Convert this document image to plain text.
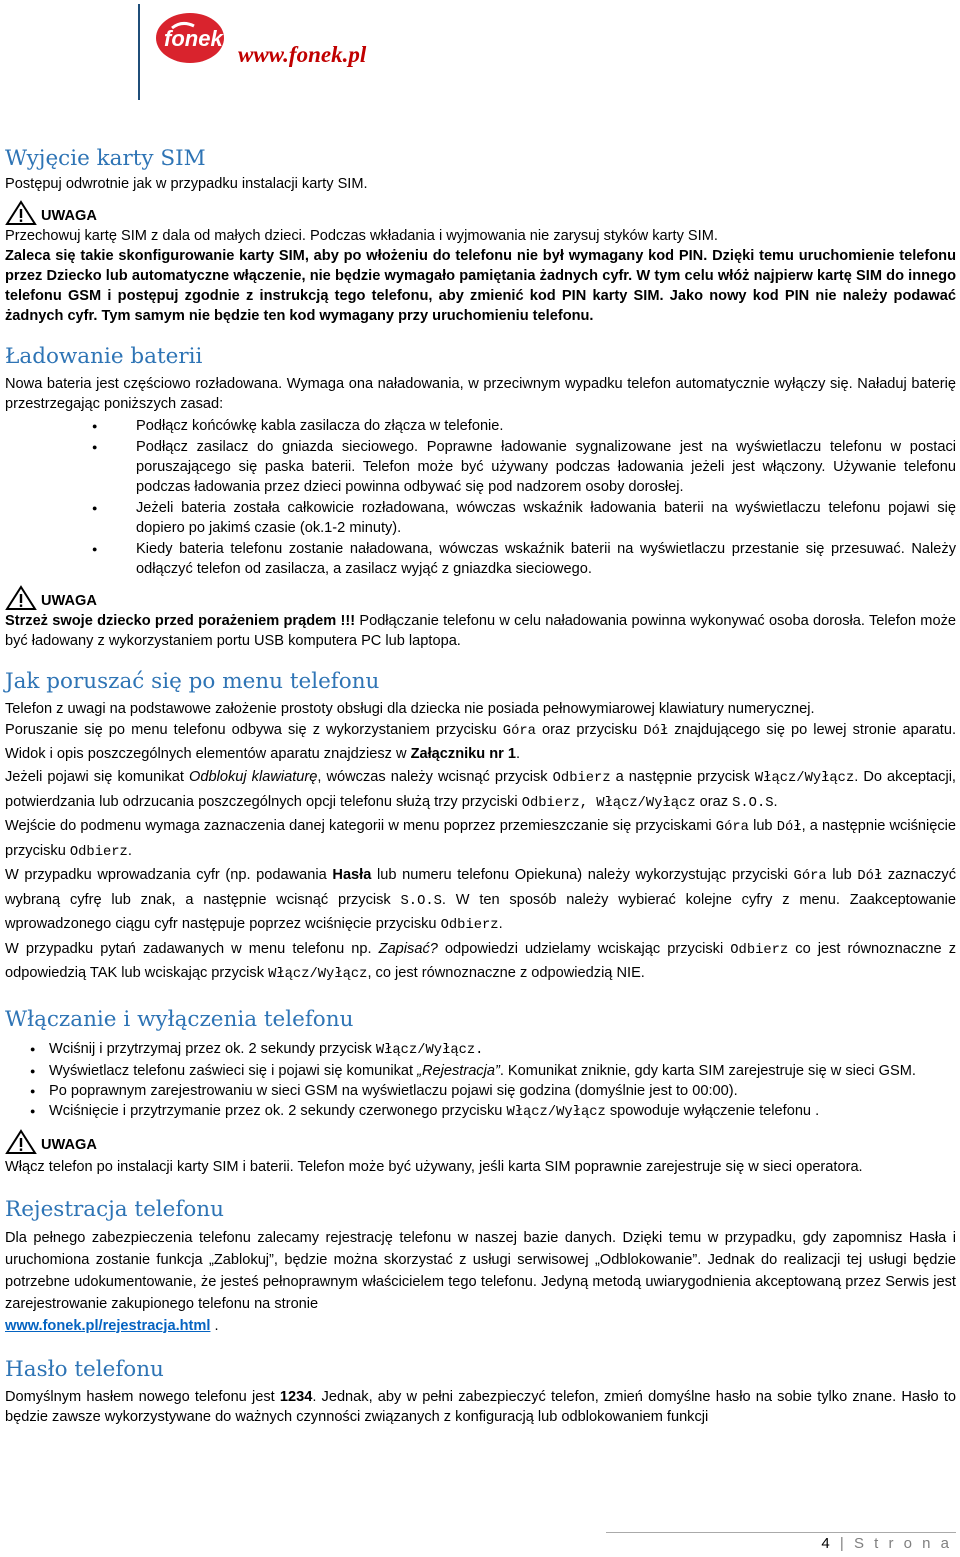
fonek
www.fonek.pl
Wyjęcie karty SIM

Postępuj odwrotnie jak w przypadku instalacji karty SIM.

UWAGA

Przechowuj kartę SIM z dala od małych dzieci. Podczas wkładania i wyjmowania nie zarysuj styków karty SIM.

Zaleca się takie skonfigurowanie karty SIM, aby po włożeniu do telefonu nie był wymagany kod PIN. Dzięki temu uruchomienie telefonu przez Dziecko lub automatyczne włączenie, nie będzie wymagało pamiętania żadnych cyfr. W tym celu włóż najpierw kartę SIM do innego telefonu GSM i postępuj zgodnie z instrukcją tego telefonu, aby zmienić kod PIN karty SIM. Jako nowy kod PIN nie należy podawać żadnych cyfr. Tym samym nie będzie ten kod wymagany przy uruchomieniu telefonu.

Ładowanie baterii

Nowa bateria jest częściowo rozładowana. Wymaga ona naładowania, w przeciwnym wypadku telefon automatycznie wyłączy się. Naładuj baterię przestrzegając poniższych zasad:

● Podłącz końcówkę kabla zasilacza do złącza w telefonie.
● Podłącz zasilacz do gniazda sieciowego. Poprawne ładowanie sygnalizowane jest na wyświetlaczu telefonu w postaci poruszającego się paska baterii. Telefon może być używany podczas ładowania jeżeli jest włączony. Używanie telefonu podczas ładowania przez dzieci powinna odbywać się pod nadzorem osoby dorosłej.
● Jeżeli bateria została całkowicie rozładowana, wówczas wskaźnik ładowania baterii na wyświetlaczu telefonu pojawi się dopiero po jakimś czasie (ok.1-2 minuty).
● Kiedy bateria telefonu zostanie naładowana, wówczas wskaźnik baterii na wyświetlaczu przestanie się przesuwać. Należy odłączyć telefon od zasilacza, a zasilacz wyjąć z gniazdka sieciowego.
UWAGA

Strzeż swoje dziecko przed porażeniem prądem !!! Podłączanie telefonu w celu naładowania powinna wykonywać osoba dorosła. Telefon może być ładowany z wykorzystaniem portu USB komputera PC lub laptopa.

Jak poruszać się po menu telefonu

Telefon z uwagi na podstawowe założenie prostoty obsługi dla dziecka nie posiada pełnowymiarowej klawiatury numerycznej.

Poruszanie się po menu telefonu odbywa się z wykorzystaniem przycisku Góra oraz przycisku Dół znajdującego się po lewej stronie aparatu. Widok i opis poszczególnych elementów aparatu znajdziesz w Załączniku nr 1.

Jeżeli pojawi się komunikat Odblokuj klawiaturę, wówczas należy wcisnąć przycisk Odbierz a następnie przycisk Włącz/Wyłącz. Do akceptacji, potwierdzania lub odrzucania poszczególnych opcji telefonu służą trzy przyciski Odbierz, Włącz/Wyłącz oraz S.O.S.

Wejście do podmenu wymaga zaznaczenia danej kategorii w menu poprzez przemieszczanie się przyciskami Góra lub Dół, a następnie wciśnięcie przycisku Odbierz.

W przypadku wprowadzania cyfr (np. podawania Hasła lub numeru telefonu Opiekuna) należy wykorzystując przyciski Góra lub Dół zaznaczyć wybraną cyfrę lub znak, a następnie wcisnąć przycisk S.O.S. W ten sposób należy wybierać kolejne cyfry z menu. Zaakceptowanie wprowadzonego ciągu cyfr następuje poprzez wciśnięcie przycisku Odbierz.

W przypadku pytań zadawanych w menu telefonu np. Zapisać? odpowiedzi udzielamy wciskając przyciski Odbierz co jest równoznaczne z odpowiedzią TAK lub wciskając przycisk Włącz/Wyłącz, co jest równoznaczne z odpowiedzią NIE.

Włączanie i wyłączenia telefonu
● Wciśnij i przytrzymaj przez ok. 2 sekundy przycisk Włącz/Wyłącz.
● Wyświetlacz telefonu zaświeci się i pojawi się komunikat „Rejestracja”. Komunikat zniknie, gdy karta SIM zarejestruje się w sieci GSM.
● Po poprawnym zarejestrowaniu w sieci GSM na wyświetlaczu pojawi się godzina (domyślnie jest to 00:00).
● Wciśnięcie i przytrzymanie przez ok. 2 sekundy czerwonego przycisku Włącz/Wyłącz spowoduje wyłączenie telefonu .
UWAGA

Włącz telefon po instalacji karty SIM i baterii. Telefon może być używany, jeśli karta SIM poprawnie zarejestruje się w sieci operatora.

Rejestracja telefonu

Dla pełnego zabezpieczenia telefonu zalecamy rejestrację telefonu w naszej bazie danych. Dzięki temu w przypadku, gdy zapomnisz Hasła i uruchomiona zostanie funkcja „Zablokuj”, będzie można skorzystać z usługi serwisowej „Odblokowanie”. Jednak do realizacji tej usługi będzie potrzebne udokumentowanie, że jesteś pełnoprawnym właścicielem tego telefonu. Jedyną metodą uwiarygodnienia akceptowaną przez Serwis jest zarejestrowanie zakupionego telefonu na stronie
www.fonek.pl/rejestracja.html .

Hasło telefonu

Domyślnym hasłem nowego telefonu jest 1234. Jednak, aby w pełni zabezpieczyć telefon, zmień domyślne hasło na sobie tylko znane. Hasło to będzie zawsze wykorzystywane do ważnych czynności związanych z konfiguracją lub odblokowaniem funkcji

4 | S t r o n a
